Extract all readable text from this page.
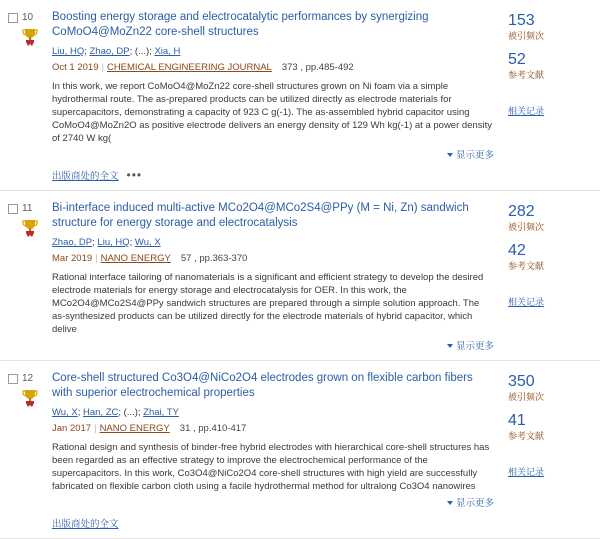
10 Boosting energy storage and electrocatalytic performances by synergizing CoMoO4@MoZn22 core-shell structures
Liu, HQ; Zhao, DP; (...); Xia, H
Oct 1 2019 | CHEMICAL ENGINEERING JOURNAL 373 , pp.485-492
In this work, we report CoMoO4@MoZn22 core-shell structures grown on Ni foam via a simple hydrothermal route. The as-prepared products can be utilized directly as electrode materials for supercapacitors, demonstrating a capacity of 923 C g(-1). The as-assembled hybrid capacitor using CoMoO4@MoZn2O as positive electrode delivers an energy density of 129 Wh kg(-1) at a power density of 2740 W kg(
显示更多
出版商处的全文 •••
153
被引频次
52
参考文献
相关记录
11 Bi-interface induced multi-active MCo2O4@MCo2S4@PPy (M = Ni, Zn) sandwich structure for energy storage and electrocatalysis
Zhao, DP; Liu, HQ; Wu, X
Mar 2019 | NANO ENERGY 57 , pp.363-370
Rational interface tailoring of nanomaterials is a significant and efficient strategy to develop the desired electrode materials for energy storage and electrocatalysis for OER. In this work, the MCo2O4@MCo2S4@PPy sandwich structures are prepared through a simple solution approach. The as-synthesized products can be utilized directly for the electrode materials of hybrid capacitor, which delive
显示更多
282
被引频次
42
参考文献
相关记录
12 Core-shell structured Co3O4@NiCo2O4 electrodes grown on flexible carbon fibers with superior electrochemical properties
Wu, X; Han, ZC; (...); Zhai, TY
Jan 2017 | NANO ENERGY 31 , pp.410-417
Rational design and synthesis of binder-free hybrid electrodes with hierarchical core-shell structures has been regarded as an effective strategy to improve the electrochemical performance of the supercapacitors. In this work, Co3O4@NiCo2O4 core-shell structures with high yield are successfully fabricated on flexible carbon cloth using a facile hydrothermal method for ultralong Co3O4 nanowires
显示更多
出版商处的全文
350
被引频次
41
参考文献
相关记录
